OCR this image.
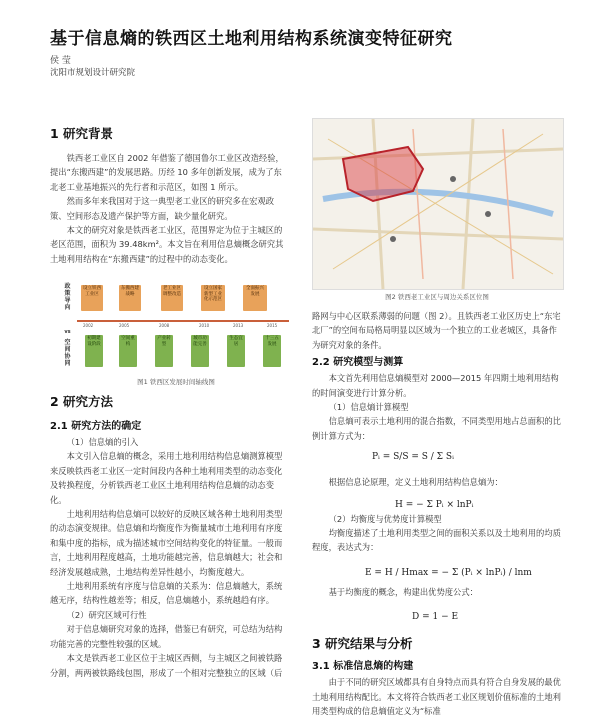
基于信息熵的铁西区土地利用结构系统演变特征研究
侯 莹
沈阳市规划设计研究院
1 研究背景

铁西老工业区自 2002 年借鉴了德国鲁尔工业区改造经验，提出“东搬西建”的发展思路。历经 10 多年创新发展，成为了东北老工业基地振兴的先行者和示范区，如图 1 所示。

然而多年来我国对于这一典型老工业区的研究多在宏观政策、空间形态及遗产保护等方面，缺少量化研究。

本文的研究对象是铁西老工业区，范围界定为位于主城区的老区范围，面积为 39.48km²。本文旨在利用信息熵概念研究其土地利用结构在“东搬西建”的过程中的动态变化。

政策导向
vs
空间协同
设立铁西工业区
东搬西建战略
老工业区调整改造
设立国家新型工业化示范区
全面振兴发展
2002	2005	2008	2010	2013	2015
初期建设阶段
空间重构
产业转型
城市功能完善
生态宜居
十三五发展
图1 铁西区发展时间轴线图
2 研究方法
2.1 研究方法的确定

（1）信息熵的引入

本文引入信息熵的概念，采用土地利用结构信息熵测算模型来反映铁西老工业区一定时间段内各种土地利用类型的动态变化及转换程度，分析铁西老工业区土地利用结构信息熵的动态变化。

土地利用结构信息熵可以较好的反映区域各种土地利用类型的动态演变规律。信息熵和均衡度作为衡量城市土地利用有序度和集中度的指标，成为描述城市空间结构变化的特征量。一般而言，土地利用程度越高，土地功能越完善，信息熵越大；社会和经济发展越成熟，土地结构差异性越小，均衡度越大。

土地利用系统有序度与信息熵的关系为：信息熵越大，系统越无序，结构性越差等；相反，信息熵越小，系统越趋有序。

（2）研究区域可行性

对于信息熵研究对象的选择，借鉴已有研究，可总结为结构功能完善的完整性较强的区域。

本文是铁西老工业区位于主城区西侧，与主城区之间被铁路分割，两两被铁路线包围，形成了一个相对完整独立的区域（后

图2 铁西老工业区与周边关系区位图

路网与中心区联系薄弱的问题（图 2）。且铁西老工业区历史上“东宅北厂”的空间布局格局明显以区域为一个独立的工业老城区，具备作为研究对象的条件。

2.2 研究模型与测算

本文首先利用信息熵模型对 2000—2015 年四期土地利用结构的时间演变进行计算分析。

（1）信息熵计算模型

信息熵可表示土地利用的混合指数，不同类型用地占总面积的比例计算方式为：

根据信息论原理，定义土地利用结构信息熵为：

（2）均衡度与优势度计算模型

均衡度描述了土地利用类型之间的面积关系以及土地利用的均质程度，表达式为：

基于均衡度的概念，构建出优势度公式：

3 研究结果与分析
3.1 标准信息熵的构建

由于不同的研究区域都具有自身特点而具有符合自身发展的最优土地利用结构配比。本文将符合铁西老工业区规划价值标准的土地利用类型构成的信息熵值定义为“标准

Pᵢ = S/S = S / Σ Sᵢ
H = − Σ Pᵢ × lnPᵢ
E = H / Hmax = − Σ (Pᵢ × lnPᵢ) / lnm
D = 1 − E
